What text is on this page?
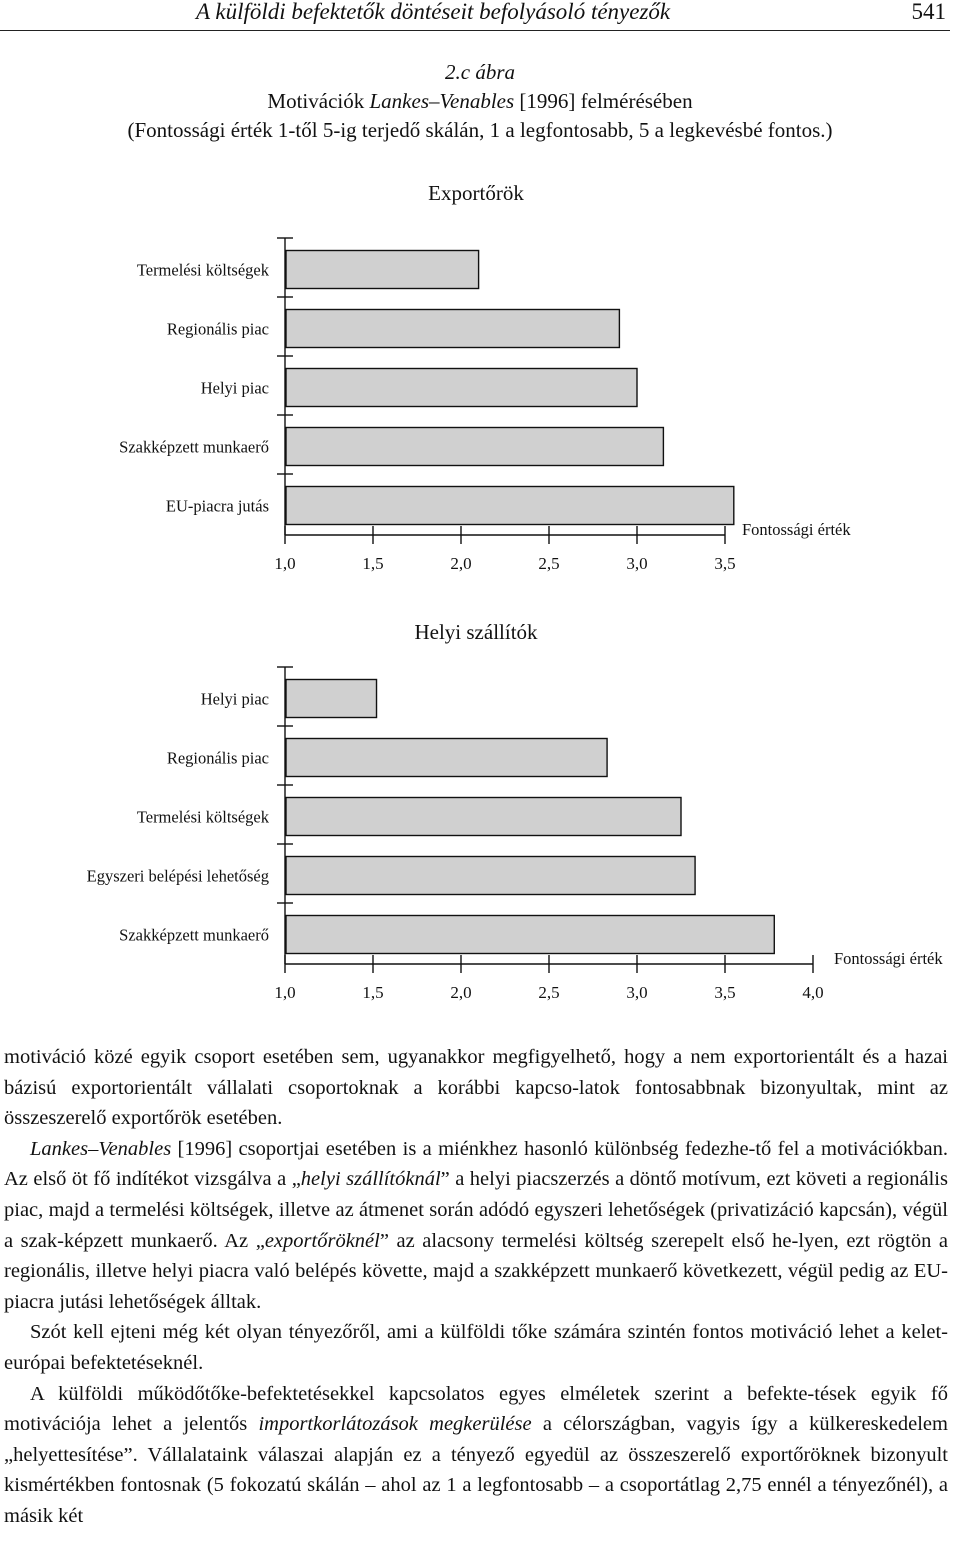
A külföldi befektetők döntéseit befolyásoló tényezők	541
2.c ábra
Motivációk Lankes–Venables [1996] felmérésében
(Fontossági érték 1-től 5-ig terjedő skálán, 1 a legfontosabb, 5 a legkevésbé fontos.)
Exportőrök
Termelési költségek
Regionális piac
Helyi piac
Szakképzett munkaerő
EU-piacra jutás
1,0	1,5	2,0	2,5	3,0	3,5
Fontossági érték
Helyi szállítók
Helyi piac
Regionális piac
Termelési költségek
Egyszeri belépési lehetőség
Szakképzett munkaerő
1,0	1,5	2,0	2,5	3,0	3,5	4,0
Fontossági érték

motiváció közé egyik csoport esetében sem, ugyanakkor megfigyelhető, hogy a nem exportorientált és a hazai bázisú exportorientált vállalati csoportoknak a korábbi kapcso-latok fontosabbnak bizonyultak, mint az összeszerelő exportőrök esetében.

Lankes–Venables [1996] csoportjai esetében is a miénkhez hasonló különbség fedezhe-tő fel a motivációkban. Az első öt fő indítékot vizsgálva a „helyi szállítóknál” a helyi piacszerzés a döntő motívum, ezt követi a regionális piac, majd a termelési költségek, illetve az átmenet során adódó egyszeri lehetőségek (privatizáció kapcsán), végül a szak-képzett munkaerő. Az „exportőröknél” az alacsony termelési költség szerepelt első he-lyen, ezt rögtön a regionális, illetve helyi piacra való belépés követte, majd a szakképzett munkaerő következett, végül pedig az EU-piacra jutási lehetőségek álltak.

Szót kell ejteni még két olyan tényezőről, ami a külföldi tőke számára szintén fontos motiváció lehet a kelet-európai befektetéseknél.

A külföldi működőtőke-befektetésekkel kapcsolatos egyes elméletek szerint a befekte-tések egyik fő motivációja lehet a jelentős importkorlátozások megkerülése a célországban, vagyis így a külkereskedelem „helyettesítése”. Vállalataink válaszai alapján ez a tényező egyedül az összeszerelő exportőröknek bizonyult kismértékben fontosnak (5 fokozatú skálán – ahol az 1 a legfontosabb – a csoportátlag 2,75 ennél a tényezőnél), a másik két
